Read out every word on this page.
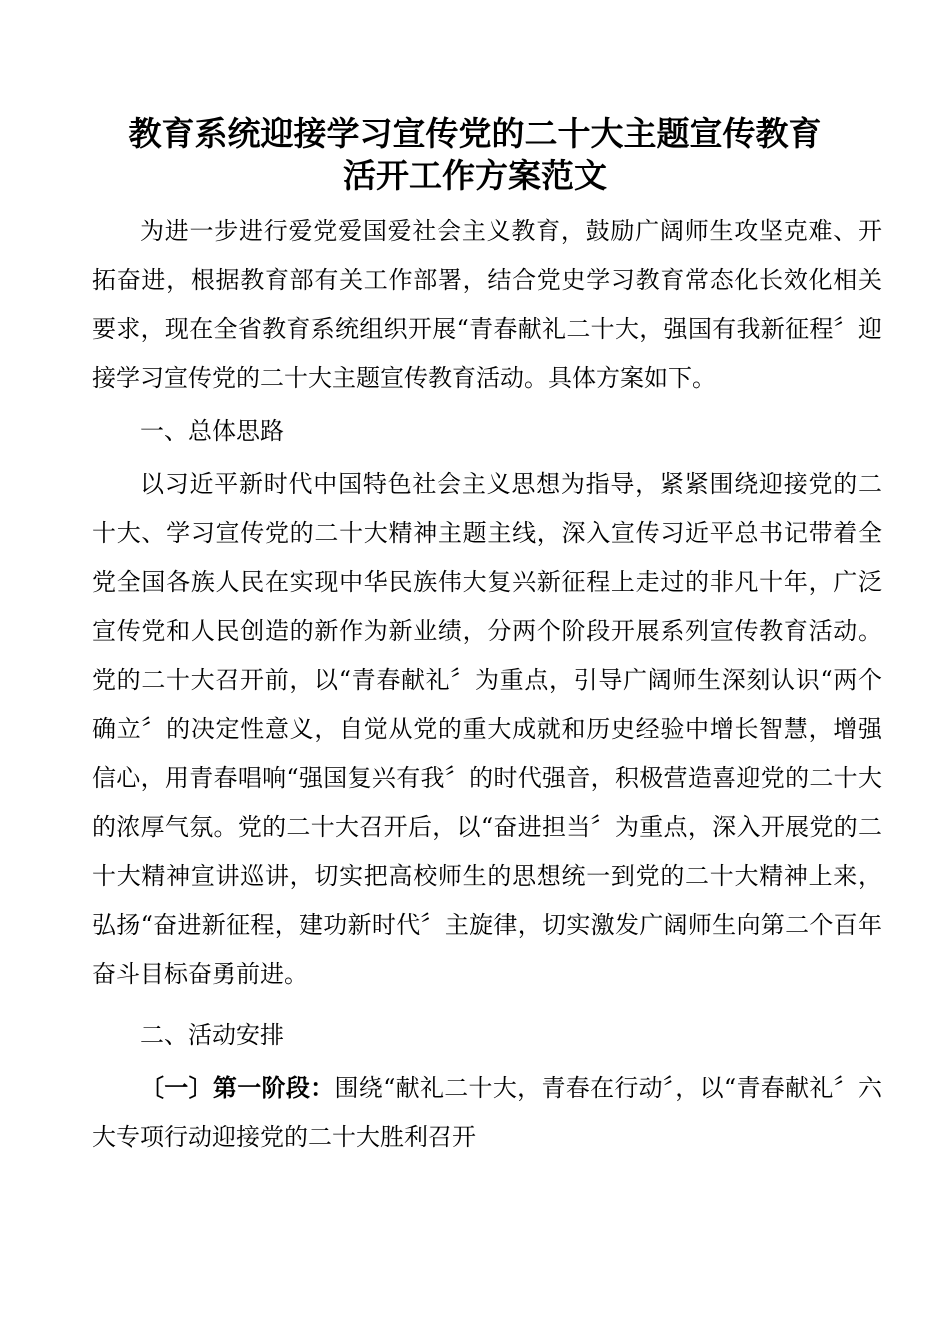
教育系统迎接学习宣传党的二十大主题宣传教育
活开工作方案范文

为进一步进行爱党爱国爱社会主义教育，鼓励广阔师生攻坚克难、开拓奋进，根据教育部有关工作部署，结合党史学习教育常态化长效化相关要求，现在全省教育系统组织开展“青春献礼二十大，强国有我新征程〞迎接学习宣传党的二十大主题宣传教育活动。具体方案如下。

一、总体思路

以习近平新时代中国特色社会主义思想为指导，紧紧围绕迎接党的二十大、学习宣传党的二十大精神主题主线，深入宣传习近平总书记带着全党全国各族人民在实现中华民族伟大复兴新征程上走过的非凡十年，广泛宣传党和人民创造的新作为新业绩，分两个阶段开展系列宣传教育活动。党的二十大召开前，以“青春献礼〞为重点，引导广阔师生深刻认识“两个确立〞的决定性意义，自觉从党的重大成就和历史经验中增长智慧，增强信心，用青春唱响“强国复兴有我〞的时代强音，积极营造喜迎党的二十大的浓厚气氛。党的二十大召开后，以“奋进担当〞为重点，深入开展党的二十大精神宣讲巡讲，切实把高校师生的思想统一到党的二十大精神上来，弘扬“奋进新征程，建功新时代〞主旋律，切实激发广阔师生向第二个百年奋斗目标奋勇前进。

二、活动安排

〔一〕第一阶段：围绕“献礼二十大，青春在行动〞，以“青春献礼〞六大专项行动迎接党的二十大胜利召开
